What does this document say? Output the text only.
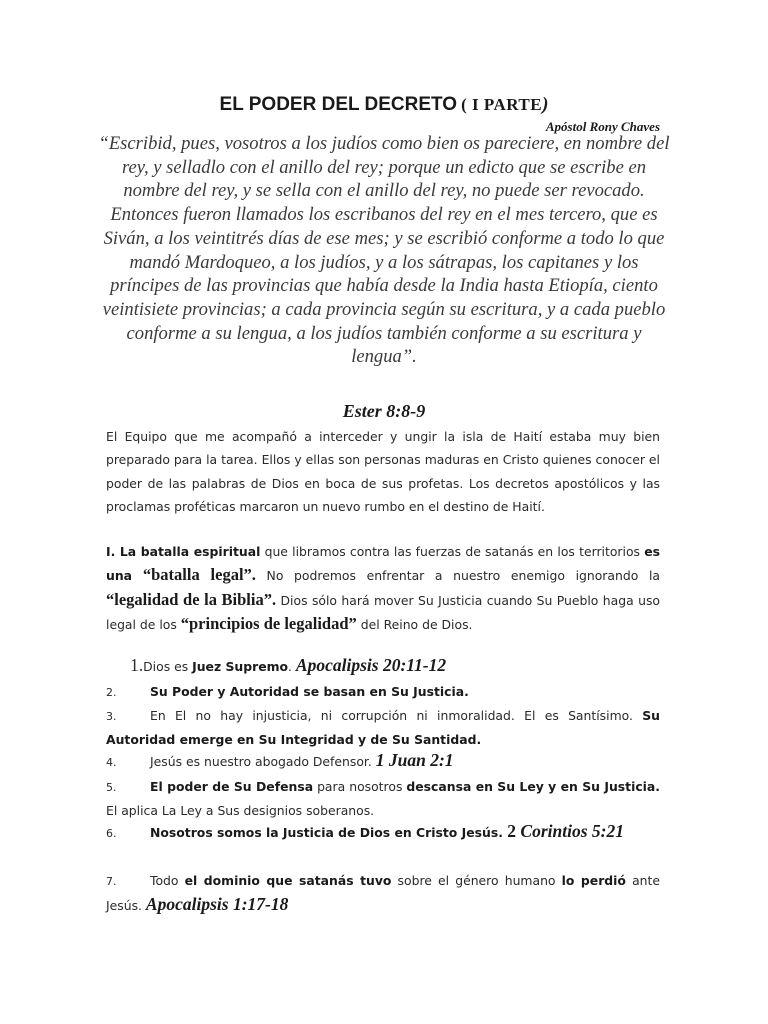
EL PODER DEL DECRETO ( I PARTE)
Apóstol Rony Chaves

“Escribid, pues, vosotros a los judíos como bien os pareciere, en nombre del rey, y selladlo con el anillo del rey; porque un edicto que se escribe en nombre del rey, y se sella con el anillo del rey, no puede ser revocado.

Entonces fueron llamados los escribanos del rey en el mes tercero, que es Siván, a los veintitrés días de ese mes; y se escribió conforme a todo lo que mandó Mardoqueo, a los judíos, y a los sátrapas, los capitanes y los príncipes de las provincias que había desde la India hasta Etiopía, ciento veintisiete provincias; a cada provincia según su escritura, y a cada pueblo conforme a su lengua, a los judíos también conforme a su escritura y lengua”.

Ester 8:8-9

El Equipo que me acompañó a interceder y ungir la isla de Haití estaba muy bien preparado para la tarea. Ellos y ellas son personas maduras en Cristo quienes conocer el poder de las palabras de Dios en boca de sus profetas. Los decretos apostólicos y las proclamas proféticas marcaron un nuevo rumbo en el destino de Haití.

I. La batalla espiritual que libramos contra las fuerzas de satanás en los territorios es una “batalla legal”. No podremos enfrentar a nuestro enemigo ignorando la “legalidad de la Biblia”. Dios sólo hará mover Su Justicia cuando Su Pueblo haga uso legal de los “principios de legalidad” del Reino de Dios.

1.Dios es Juez Supremo. Apocalipsis 20:11-12

2.	Su Poder y Autoridad se basan en Su Justicia.

3.	En El no hay injusticia, ni corrupción ni inmoralidad. El es Santísimo. Su Autoridad emerge en Su Integridad y de Su Santidad.

4.	Jesús es nuestro abogado Defensor. 1 Juan 2:1

5.	El poder de Su Defensa para nosotros descansa en Su Ley y en Su Justicia. El aplica La Ley a Sus designios soberanos.

6.	Nosotros somos la Justicia de Dios en Cristo Jesús. 2 Corintios 5:21

7.	Todo el dominio que satanás tuvo sobre el género humano lo perdió ante Jesús. Apocalipsis 1:17-18
